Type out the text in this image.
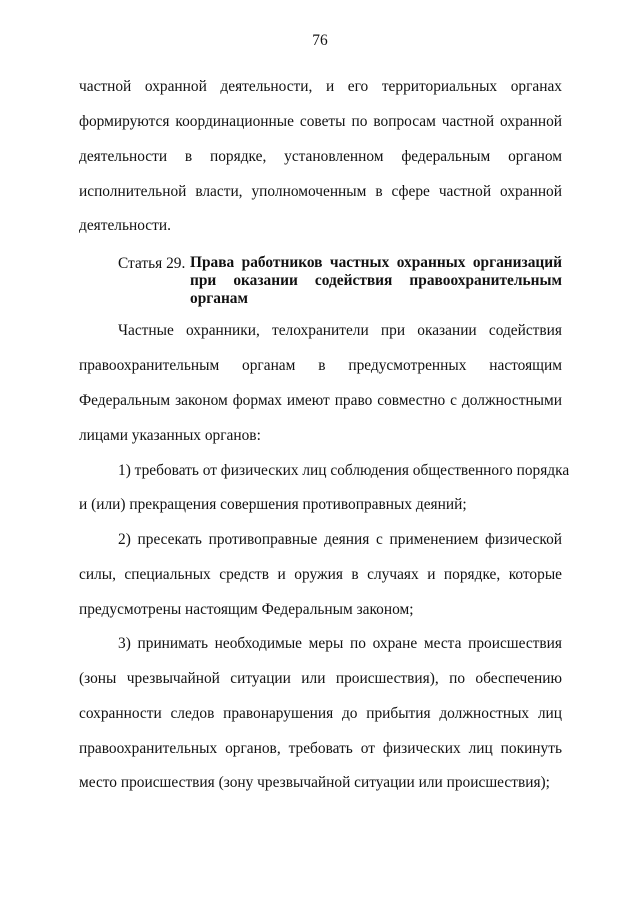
76
частной охранной деятельности, и его территориальных органах
формируются координационные советы по вопросам частной охранной
деятельности в порядке, установленном федеральным органом
исполнительной власти, уполномоченным в сфере частной охранной
деятельности.
Статья 29. Права работников частных охранных организаций
при оказании содействия правоохранительным
органам
Частные охранники, телохранители при оказании содействия
правоохранительным органам в предусмотренных настоящим
Федеральным законом формах имеют право совместно с должностными
лицами указанных органов:
1) требовать от физических лиц соблюдения общественного порядка
и (или) прекращения совершения противоправных деяний;
2) пресекать противоправные деяния с применением физической
силы, специальных средств и оружия в случаях и порядке, которые
предусмотрены настоящим Федеральным законом;
3) принимать необходимые меры по охране места происшествия
(зоны чрезвычайной ситуации или происшествия), по обеспечению
сохранности следов правонарушения до прибытия должностных лиц
правоохранительных органов, требовать от физических лиц покинуть
место происшествия (зону чрезвычайной ситуации или происшествия);
